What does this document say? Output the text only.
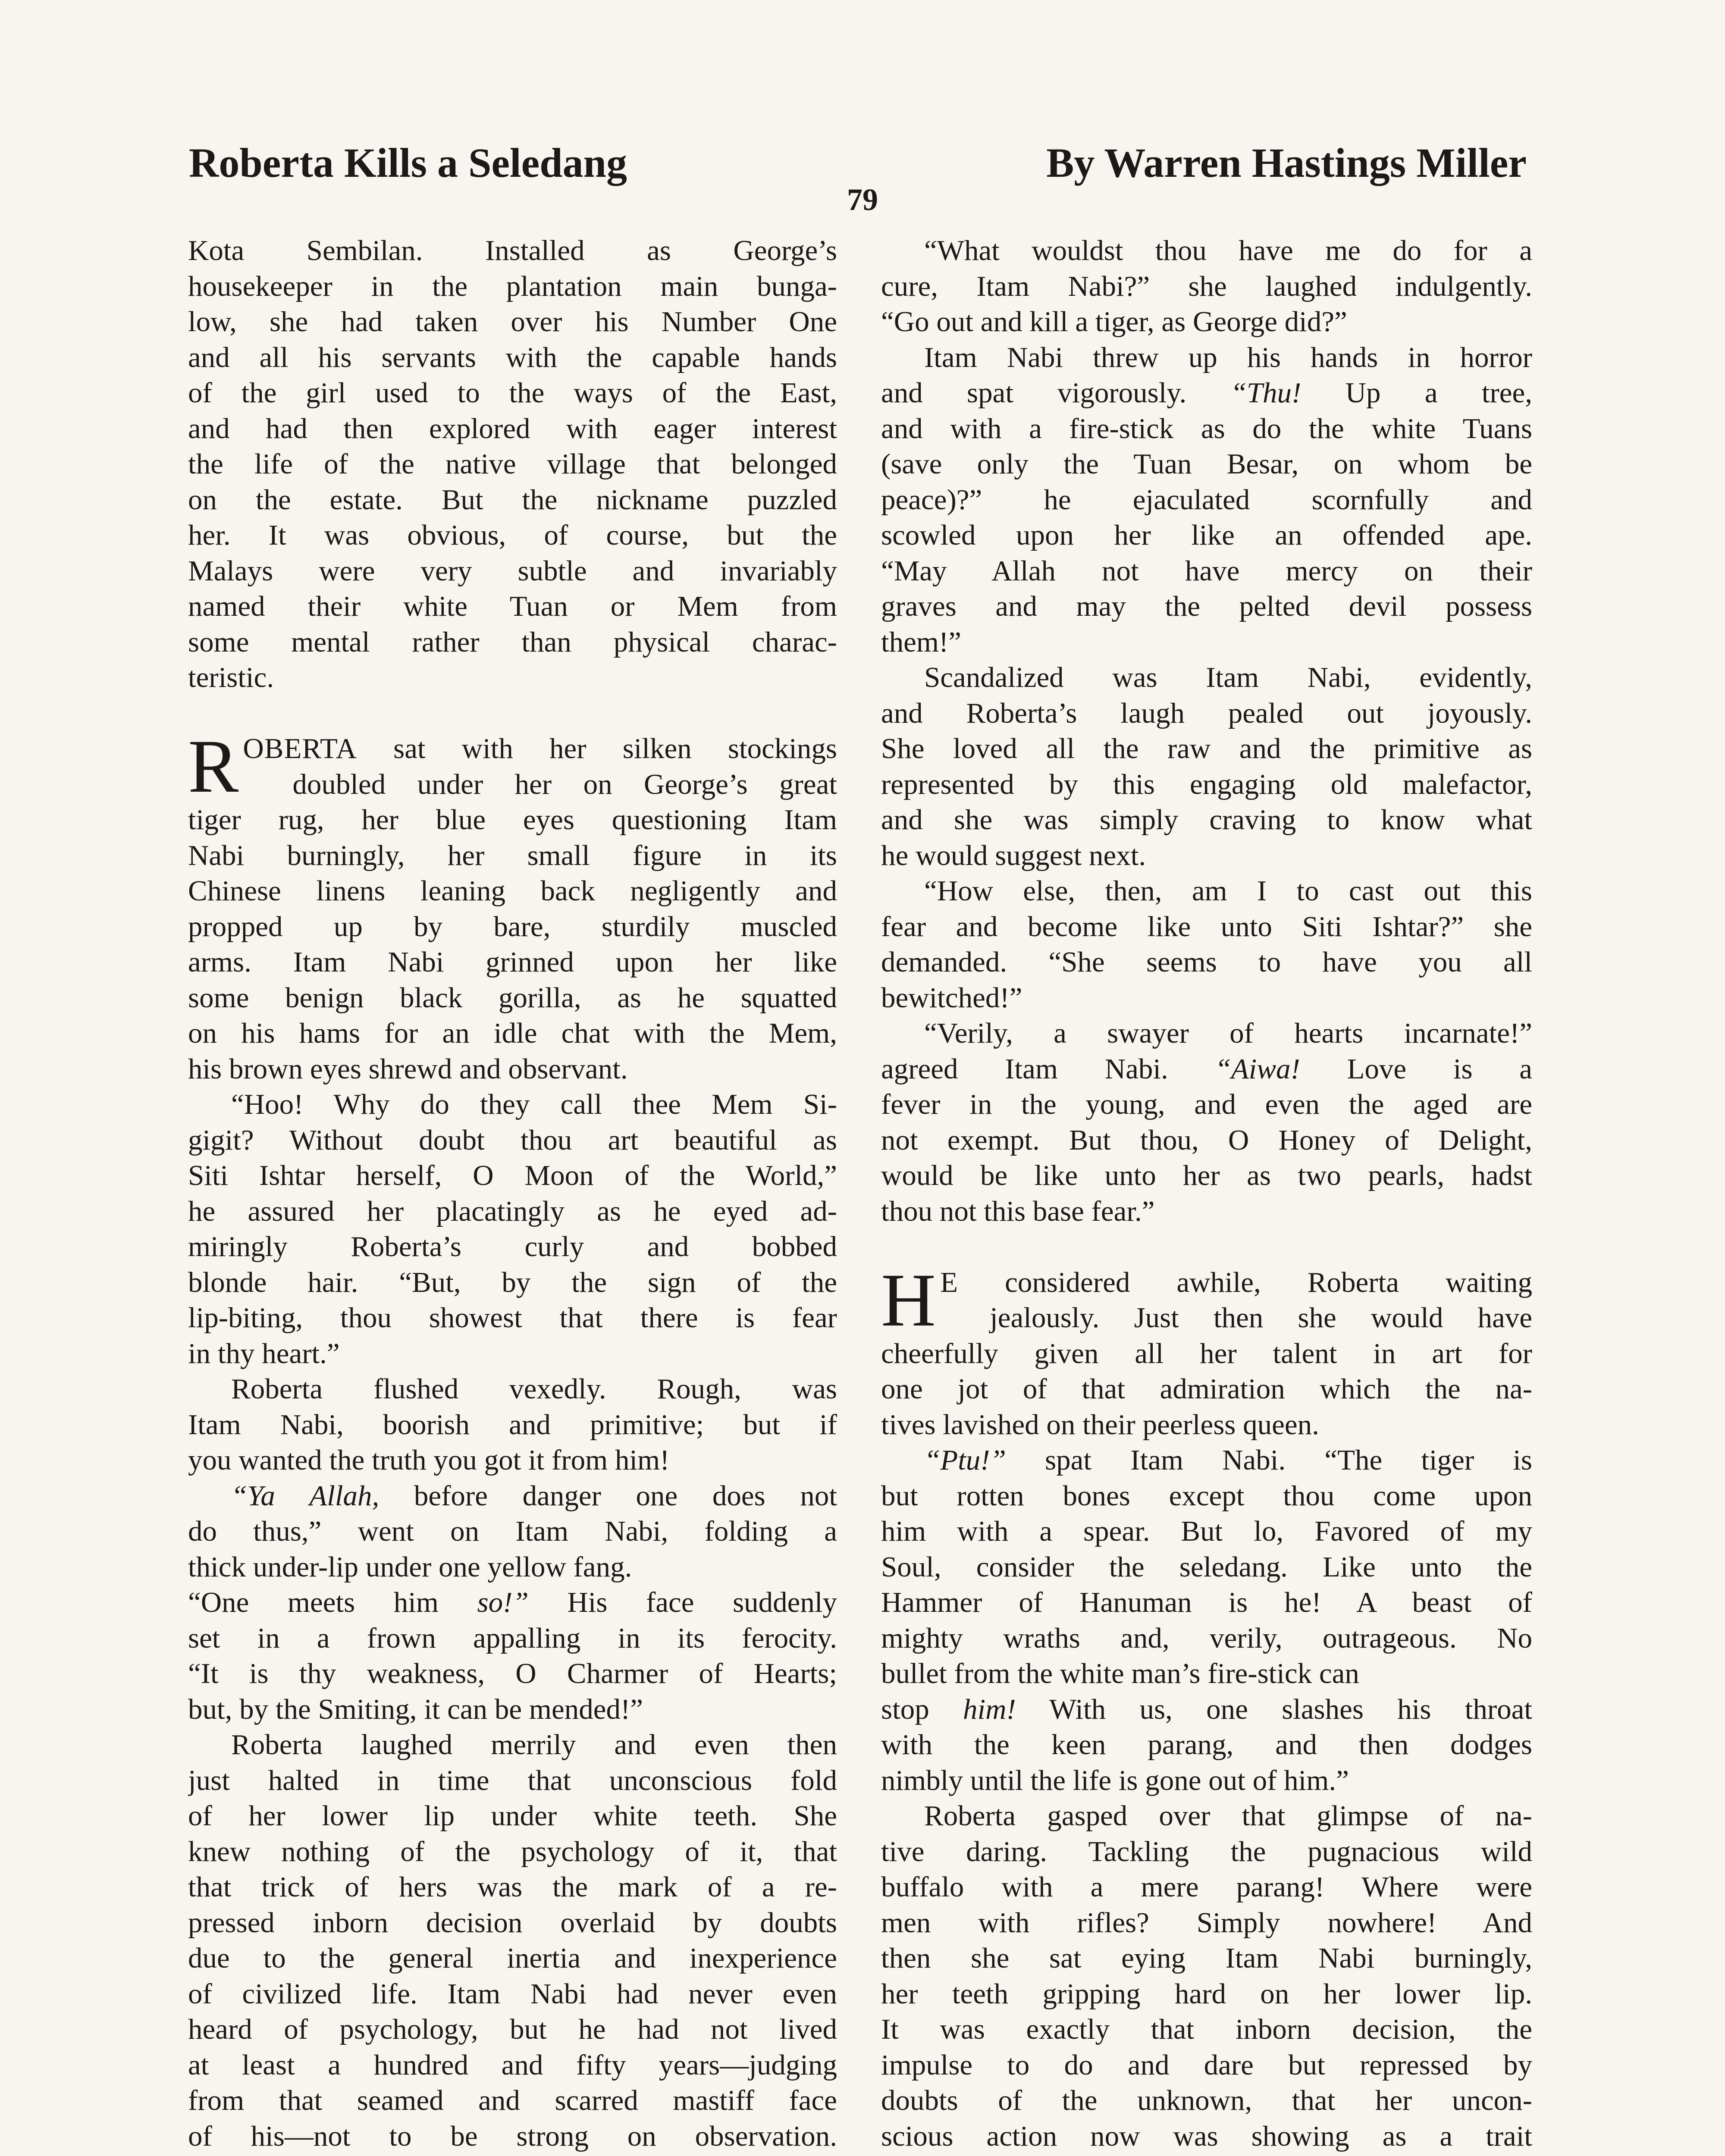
Roberta Kills a Seledang	By Warren Hastings Miller
79
Kota Sembilan. Installed as George’s
housekeeper in the plantation main bunga-
low, she had taken over his Number One
and all his servants with the capable hands
of the girl used to the ways of the East,
and had then explored with eager interest
the life of the native village that belonged
on the estate. But the nickname puzzled
her. It was obvious, of course, but the
Malays were very subtle and invariably
named their white Tuan or Mem from
some mental rather than physical charac-
teristic.
R OBERTA sat with her silken stockings
doubled under her on George’s great
tiger rug, her blue eyes questioning Itam
Nabi burningly, her small figure in its
Chinese linens leaning back negligently and
propped up by bare, sturdily muscled
arms. Itam Nabi grinned upon her like
some benign black gorilla, as he squatted
on his hams for an idle chat with the Mem,
his brown eyes shrewd and observant.
“Hoo! Why do they call thee Mem Si-
gigit? Without doubt thou art beautiful as
Siti Ishtar herself, O Moon of the World,”
he assured her placatingly as he eyed ad-
miringly Roberta’s curly and bobbed
blonde hair. “But, by the sign of the
lip-biting, thou showest that there is fear
in thy heart.”
Roberta flushed vexedly. Rough, was
Itam Nabi, boorish and primitive; but if
you wanted the truth you got it from him!
“Ya Allah, before danger one does not
do thus,” went on Itam Nabi, folding a
thick under-lip under one yellow fang.
“One meets him so!” His face suddenly
set in a frown appalling in its ferocity.
“It is thy weakness, O Charmer of Hearts;
but, by the Smiting, it can be mended!”
Roberta laughed merrily and even then
just halted in time that unconscious fold
of her lower lip under white teeth. She
knew nothing of the psychology of it, that
that trick of hers was the mark of a re-
pressed inborn decision overlaid by doubts
due to the general inertia and inexperience
of civilized life. Itam Nabi had never even
heard of psychology, but he had not lived
at least a hundred and fifty years—judging
from that seamed and scarred mastiff face
of his—not to be strong on observation.
“What wouldst thou have me do for a
cure, Itam Nabi?” she laughed indulgently.
“Go out and kill a tiger, as George did?”
Itam Nabi threw up his hands in horror
and spat vigorously. “Thu! Up a tree,
and with a fire-stick as do the white Tuans
(save only the Tuan Besar, on whom be
peace)?” he ejaculated scornfully and
scowled upon her like an offended ape.
“May Allah not have mercy on their
graves and may the pelted devil possess
them!”
Scandalized was Itam Nabi, evidently,
and Roberta’s laugh pealed out joyously.
She loved all the raw and the primitive as
represented by this engaging old malefactor,
and she was simply craving to know what
he would suggest next.
“How else, then, am I to cast out this
fear and become like unto Siti Ishtar?” she
demanded. “She seems to have you all
bewitched!”
“Verily, a swayer of hearts incarnate!”
agreed Itam Nabi. “Aiwa! Love is a
fever in the young, and even the aged are
not exempt. But thou, O Honey of Delight,
would be like unto her as two pearls, hadst
thou not this base fear.”
H E considered awhile, Roberta waiting
jealously. Just then she would have
cheerfully given all her talent in art for
one jot of that admiration which the na-
tives lavished on their peerless queen.
“Ptu!” spat Itam Nabi. “The tiger is
but rotten bones except thou come upon
him with a spear. But lo, Favored of my
Soul, consider the seledang. Like unto the
Hammer of Hanuman is he! A beast of
mighty wraths and, verily, outrageous. No
bullet from the white man’s fire-stick can
stop him! With us, one slashes his throat
with the keen parang, and then dodges
nimbly until the life is gone out of him.”
Roberta gasped over that glimpse of na-
tive daring. Tackling the pugnacious wild
buffalo with a mere parang! Where were
men with rifles? Simply nowhere! And
then she sat eying Itam Nabi burningly,
her teeth gripping hard on her lower lip.
It was exactly that inborn decision, the
impulse to do and dare but repressed by
doubts of the unknown, that her uncon-
scious action now was showing as a trait
